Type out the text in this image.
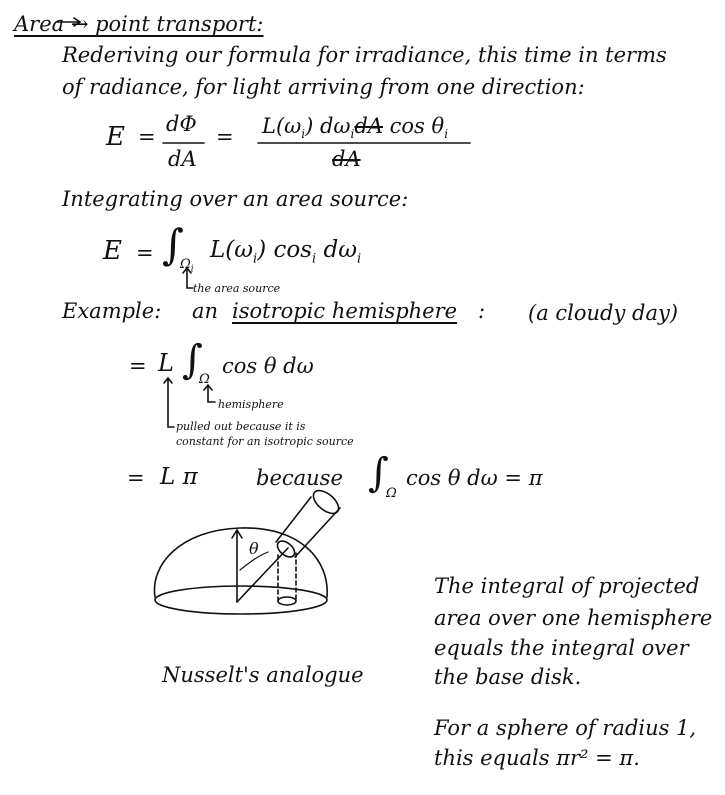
Area → point transport:
Rederiving our formula for irradiance, this time in terms
of radiance, for light arriving from one direction:
E =
dΦ
dA
= $L(\omega_i)$ $d\omega_idA$ $\cos \theta_i$
dA
Integrating over an area source:
E = ∫
$\Omega_i$
$L(\omega_i)$ $\cos_i d\omega_i$
the area source
Example: an isotropic hemisphere : (a cloudy day)
= L ∫
Ω
cos θ dω
hemisphere
pulled out because it is
constant for an isotropic source
= L π	because ∫
Ω
cos θ dω = π
θ
Nusselt's analogue
The integral of projected
area over one hemisphere
equals the integral over
the base disk.
For a sphere of radius 1,
this equals πr² = π.
